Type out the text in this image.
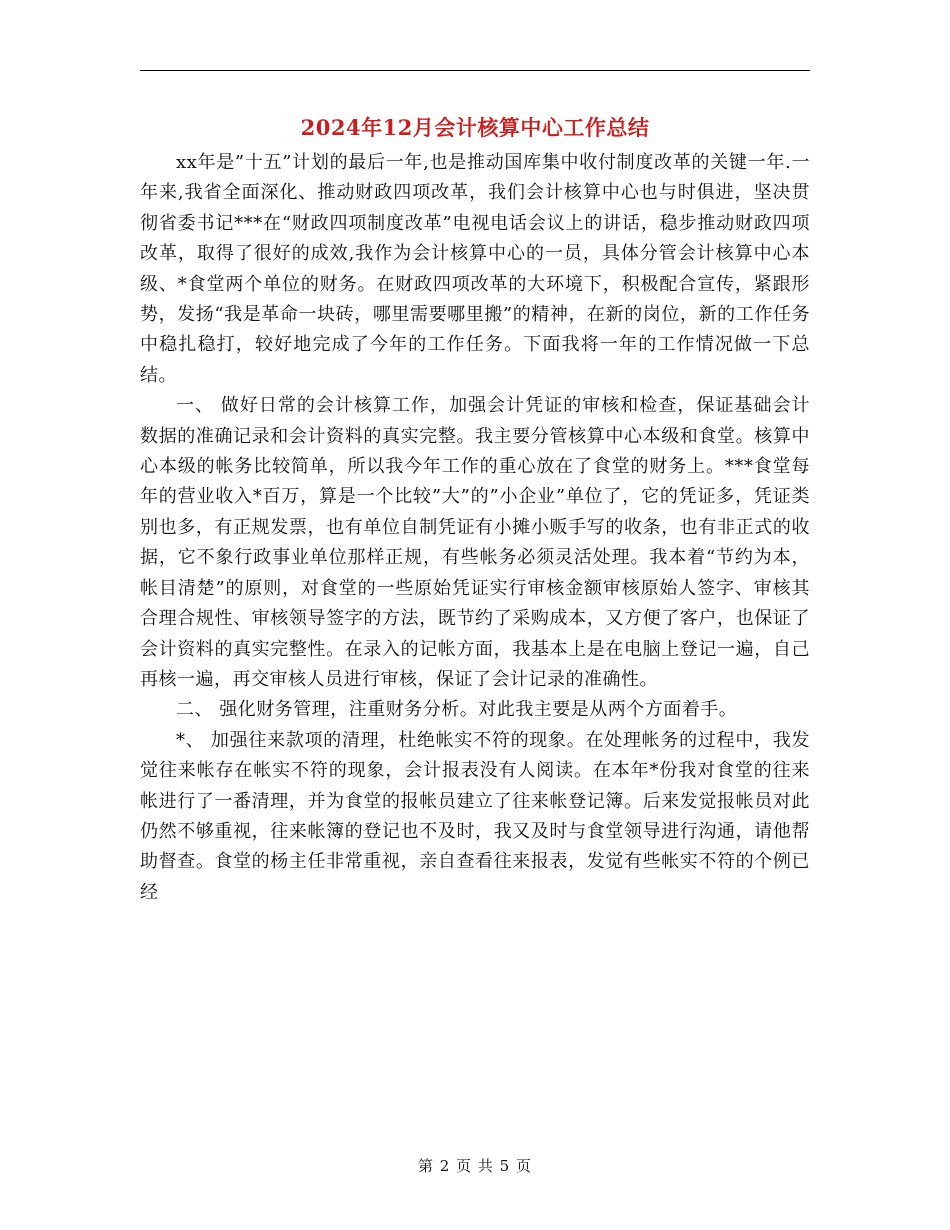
2024年12月会计核算中心工作总结

xx年是”十五”计划的最后一年,也是推动国库集中收付制度改革的关键一年.一年来,我省全面深化、推动财政四项改革，我们会计核算中心也与时俱进，坚决贯彻省委书记***在“财政四项制度改革”电视电话会议上的讲话，稳步推动财政四项改革，取得了很好的成效,我作为会计核算中心的一员，具体分管会计核算中心本级、*食堂两个单位的财务。在财政四项改革的大环境下，积极配合宣传，紧跟形势，发扬“我是革命一块砖，哪里需要哪里搬”的精神，在新的岗位，新的工作任务中稳扎稳打，较好地完成了今年的工作任务。下面我将一年的工作情况做一下总结。

一、 做好日常的会计核算工作，加强会计凭证的审核和检查，保证基础会计数据的准确记录和会计资料的真实完整。我主要分管核算中心本级和食堂。核算中心本级的帐务比较简单，所以我今年工作的重心放在了食堂的财务上。***食堂每年的营业收入*百万，算是一个比较”大”的”小企业”单位了，它的凭证多，凭证类别也多，有正规发票，也有单位自制凭证有小摊小贩手写的收条，也有非正式的收据，它不象行政事业单位那样正规，有些帐务必须灵活处理。我本着“节约为本，帐目清楚”的原则，对食堂的一些原始凭证实行审核金额审核原始人签字、审核其合理合规性、审核领导签字的方法，既节约了采购成本，又方便了客户，也保证了会计资料的真实完整性。在录入的记帐方面，我基本上是在电脑上登记一遍，自己再核一遍，再交审核人员进行审核，保证了会计记录的准确性。

二、 强化财务管理，注重财务分析。对此我主要是从两个方面着手。

*、 加强往来款项的清理，杜绝帐实不符的现象。在处理帐务的过程中，我发觉往来帐存在帐实不符的现象，会计报表没有人阅读。在本年*份我对食堂的往来帐进行了一番清理，并为食堂的报帐员建立了往来帐登记簿。后来发觉报帐员对此仍然不够重视，往来帐簿的登记也不及时，我又及时与食堂领导进行沟通，请他帮助督查。食堂的杨主任非常重视，亲自查看往来报表，发觉有些帐实不符的个例已经

第 2 页 共 5 页
